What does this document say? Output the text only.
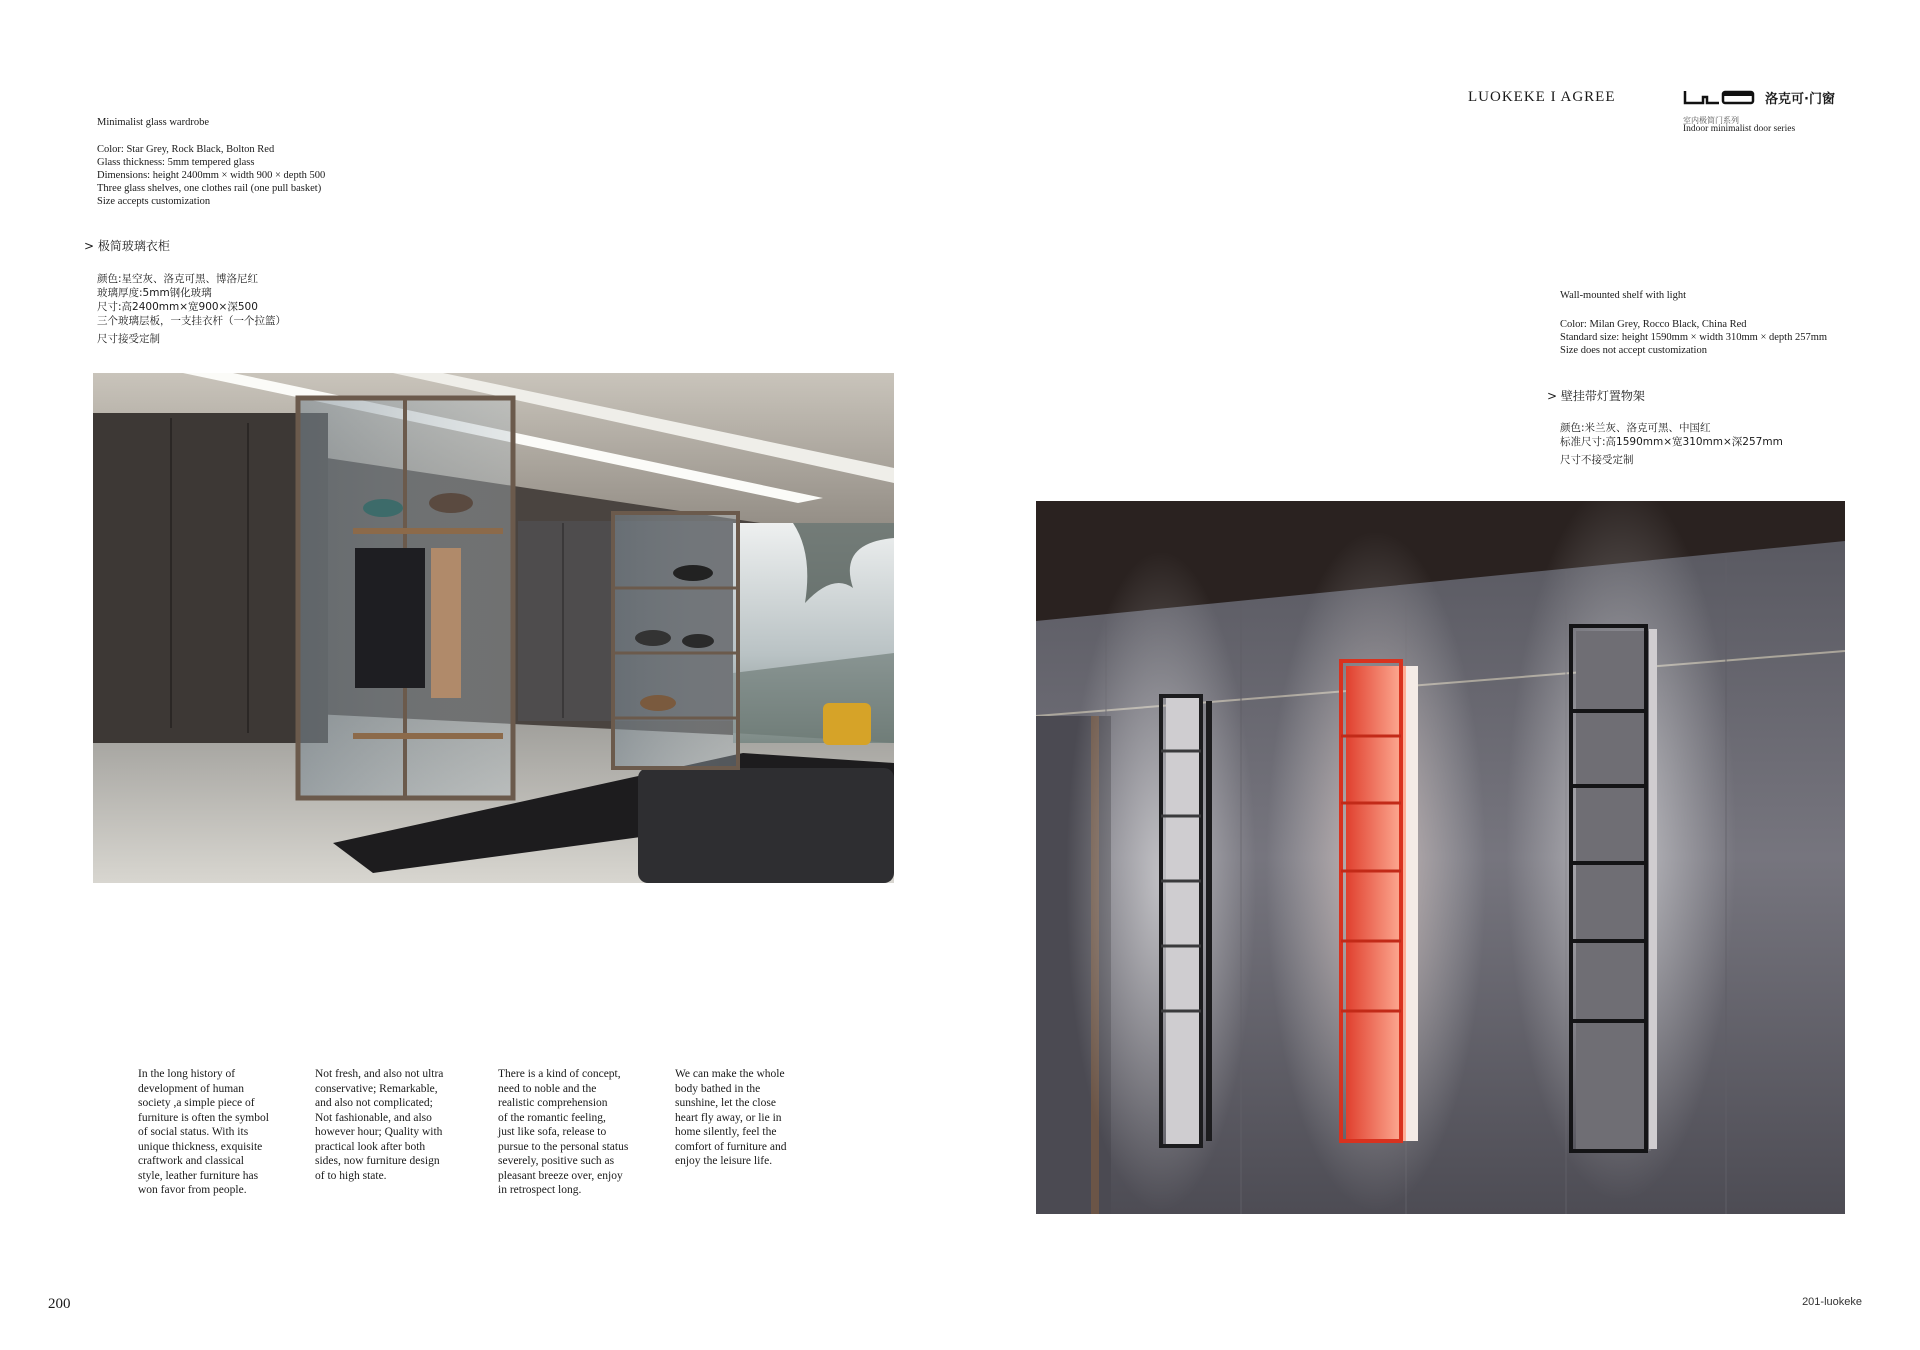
LUOKEKE I AGREE	洛克可·门窗
室内极简门系列
Indoor minimalist door series
Minimalist glass wardrobe
Color: Star Grey, Rock Black, Bolton Red
Glass thickness: 5mm tempered glass
Dimensions: height 2400mm × width 900 × depth 500
Three glass shelves, one clothes rail (one pull basket)
Size accepts customization
> 极简玻璃衣柜
颜色:星空灰、洛克可黑、博洛尼红
玻璃厚度:5mm钢化玻璃
尺寸:高2400mm×宽900×深500
三个玻璃层板，一支挂衣杆（一个拉篮）
尺寸接受定制
Wall-mounted shelf with light
Color: Milan Grey, Rocco Black, China Red
Standard size: height 1590mm × width 310mm × depth 257mm
Size does not accept customization
> 壁挂带灯置物架
颜色:米兰灰、洛克可黑、中国红
标准尺寸:高1590mm×宽310mm×深257mm
尺寸不接受定制
In the long history of
development of human
society ,a simple piece of
furniture is often the symbol
of social status. With its
unique thickness, exquisite
craftwork and classical
style, leather furniture has
won favor from people.
Not fresh, and also not ultra
conservative; Remarkable,
and also not complicated;
Not fashionable, and also
however hour; Quality with
practical look after both
sides, now furniture design
of to high state.
There is a kind of concept,
need to noble and the
realistic comprehension
of the romantic feeling,
just like sofa, release to
pursue to the personal status
severely, positive such as
pleasant breeze over, enjoy
in retrospect long.
We can make the whole
body bathed in the
sunshine, let the close
heart fly away, or lie in
home silently, feel the
comfort of furniture and
enjoy the leisure life.
200	201-luokeke
